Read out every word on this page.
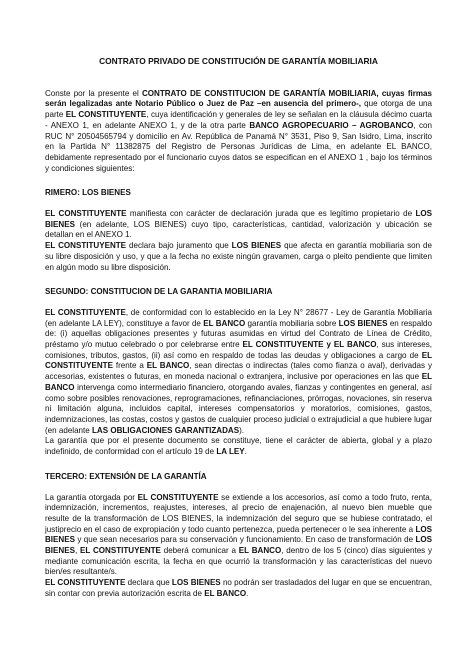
CONTRATO PRIVADO DE CONSTITUCIÓN DE GARANTÍA MOBILIARIA

Conste por la presente el CONTRATO DE CONSTITUCION DE GARANTÍA MOBILIARIA, cuyas firmas serán legalizadas ante Notario Público o Juez de Paz –en ausencia del primero-, que otorga de una parte EL CONSTITUYENTE, cuya identificación y generales de ley se señalan en la cláusula décimo cuarta - ANEXO 1, en adelante ANEXO 1, y de la otra parte BANCO AGROPECUARIO – AGROBANCO, con RUC N° 20504565794 y domicilio en Av. República de Panamá N° 3531, Piso 9, San Isidro, Lima, inscrito en la Partida N° 11382875 del Registro de Personas Jurídicas de Lima, en adelante EL BANCO, debidamente representado por el funcionario cuyos datos se especifican en el ANEXO 1 , bajo los términos y condiciones siguientes:

RIMERO: LOS BIENES

EL CONSTITUYENTE manifiesta con carácter de declaración jurada que es legítimo propietario de LOS BIENES (en adelante, LOS BIENES) cuyo tipo, características, cantidad, valorización y ubicación se detallan en el ANEXO 1.

EL CONSTITUYENTE declara bajo juramento que LOS BIENES que afecta en garantía mobiliaria son de su libre disposición y uso, y que a la fecha no existe ningún gravamen, carga o pleito pendiente que limiten en algún modo su libre disposición.

SEGUNDO: CONSTITUCION DE LA GARANTIA MOBILIARIA

EL CONSTITUYENTE, de conformidad con lo establecido en la Ley N° 28677 - Ley de Garantía Mobiliaria (en adelante LA LEY), constituye a favor de EL BANCO garantía mobiliaria sobre LOS BIENES en respaldo de: (i) aquellas obligaciones presentes y futuras asumidas en virtud del Contrato de Línea de Crédito, préstamo y/o mutuo celebrado o por celebrarse entre EL CONSTITUYENTE y EL BANCO, sus intereses, comisiones, tributos, gastos, (ii) así como en respaldo de todas las deudas y obligaciones a cargo de EL CONSTITUYENTE frente a EL BANCO, sean directas o indirectas (tales como fianza o aval), derivadas y accesorias, existentes o futuras, en moneda nacional o extranjera, inclusive por operaciones en las que EL BANCO intervenga como intermediario financiero, otorgando avales, fianzas y contingentes en general, así como sobre posibles renovaciones, reprogramaciones, refinanciaciones, prórrogas, novaciones, sin reserva ni limitación alguna, incluidos capital, intereses compensatorios y moratorios, comisiones, gastos, indemnizaciones, las costas, costos y gastos de cualquier proceso judicial o extrajudicial a que hubiere lugar (en adelante LAS OBLIGACIONES GARANTIZADAS).

La garantía que por el presente documento se constituye, tiene el carácter de abierta, global y a plazo indefinido, de conformidad con el artículo 19 de LA LEY.

TERCERO: EXTENSIÓN DE LA GARANTÍA

La garantía otorgada por EL CONSTITUYENTE se extiende a los accesorios, así como a todo fruto, renta, indemnización, incrementos, reajustes, intereses, al precio de enajenación, al nuevo bien mueble que resulte de la transformación de LOS BIENES, la indemnización del seguro que se hubiese contratado, el justiprecio en el caso de expropiación y todo cuanto pertenezca, pueda pertenecer o le sea inherente a LOS BIENES y que sean necesarios para su conservación y funcionamiento. En caso de transformación de LOS BIENES, EL CONSTITUYENTE deberá comunicar a EL BANCO, dentro de los 5 (cinco) días siguientes y mediante comunicación escrita, la fecha en que ocurrió la transformación y las características del nuevo bien/es resultante/s.

EL CONSTITUYENTE declara que LOS BIENES no podrán ser trasladados del lugar en que se encuentran, sin contar con previa autorización escrita de EL BANCO.
